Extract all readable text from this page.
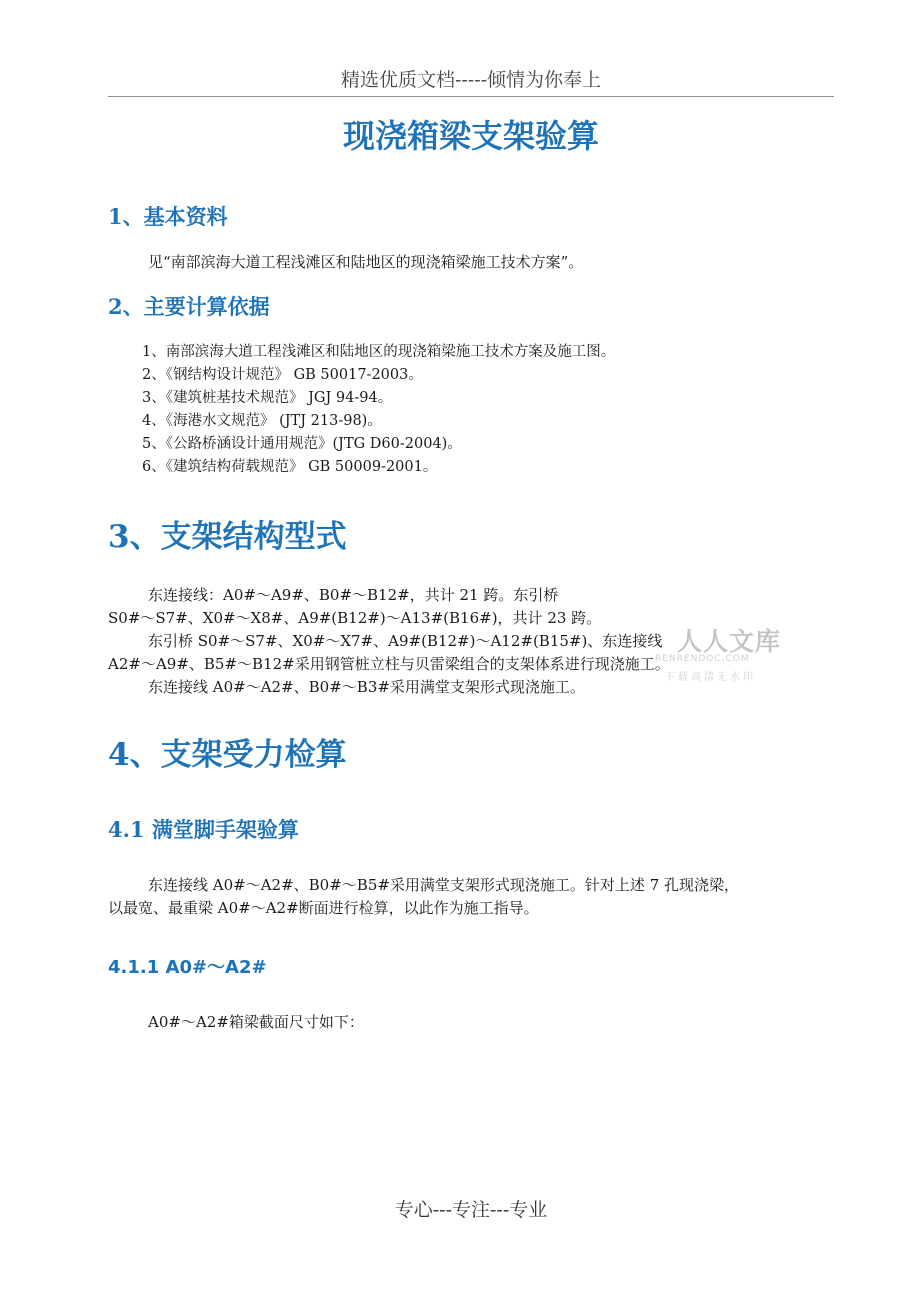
精选优质文档-----倾情为你奉上
现浇箱梁支架验算
1、基本资料

见“南部滨海大道工程浅滩区和陆地区的现浇箱梁施工技术方案”。

2、主要计算依据
1、南部滨海大道工程浅滩区和陆地区的现浇箱梁施工技术方案及施工图。
2、《钢结构设计规范》 GB 50017-2003。
3、《建筑桩基技术规范》 JGJ 94-94。
4、《海港水文规范》 (JTJ 213-98)。
5、《公路桥涵设计通用规范》(JTG D60-2004)。
6、《建筑结构荷载规范》 GB 50009-2001。
3、支架结构型式

东连接线：A0#～A9#、B0#～B12#，共计 21 跨。东引桥
S0#～S7#、X0#～X8#、A9#(B12#)～A13#(B16#)，共计 23 跨。
东引桥 S0#～S7#、X0#～X7#、A9#(B12#)～A12#(B15#)、东连接线
A2#～A9#、B5#～B12#采用钢管桩立柱与贝雷梁组合的支架体系进行现浇施工。
东连接线 A0#～A2#、B0#～B3#采用满堂支架形式现浇施工。

人人文库
RENRENDOC.COM
下载高清无水印
4、支架受力检算
4.1 满堂脚手架验算

东连接线 A0#～A2#、B0#～B5#采用满堂支架形式现浇施工。针对上述 7 孔现浇梁，
以最宽、最重梁 A0#～A2#断面进行检算，以此作为施工指导。

4.1.1 A0#～A2#

A0#～A2#箱梁截面尺寸如下：

专心---专注---专业
